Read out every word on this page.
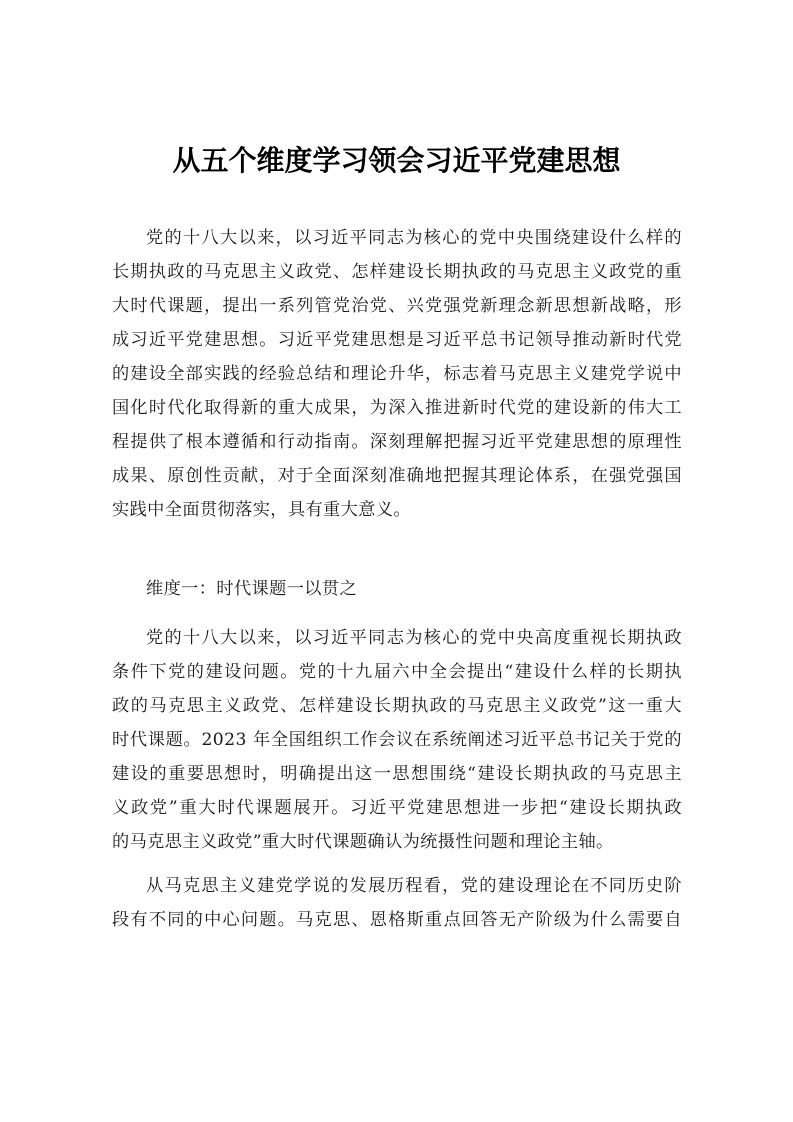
从五个维度学习领会习近平党建思想
党的十八大以来，以习近平同志为核心的党中央围绕建设什么样的
长期执政的马克思主义政党、怎样建设长期执政的马克思主义政党的重
大时代课题，提出一系列管党治党、兴党强党新理念新思想新战略，形
成习近平党建思想。习近平党建思想是习近平总书记领导推动新时代党
的建设全部实践的经验总结和理论升华，标志着马克思主义建党学说中
国化时代化取得新的重大成果，为深入推进新时代党的建设新的伟大工
程提供了根本遵循和行动指南。深刻理解把握习近平党建思想的原理性
成果、原创性贡献，对于全面深刻准确地把握其理论体系，在强党强国
实践中全面贯彻落实，具有重大意义。
维度一：时代课题一以贯之
党的十八大以来，以习近平同志为核心的党中央高度重视长期执政
条件下党的建设问题。党的十九届六中全会提出“建设什么样的长期执
政的马克思主义政党、怎样建设长期执政的马克思主义政党”这一重大
时代课题。2023 年全国组织工作会议在系统阐述习近平总书记关于党的
建设的重要思想时，明确提出这一思想围绕“建设长期执政的马克思主
义政党”重大时代课题展开。习近平党建思想进一步把“建设长期执政
的马克思主义政党”重大时代课题确认为统摄性问题和理论主轴。
从马克思主义建党学说的发展历程看，党的建设理论在不同历史阶
段有不同的中心问题。马克思、恩格斯重点回答无产阶级为什么需要自
